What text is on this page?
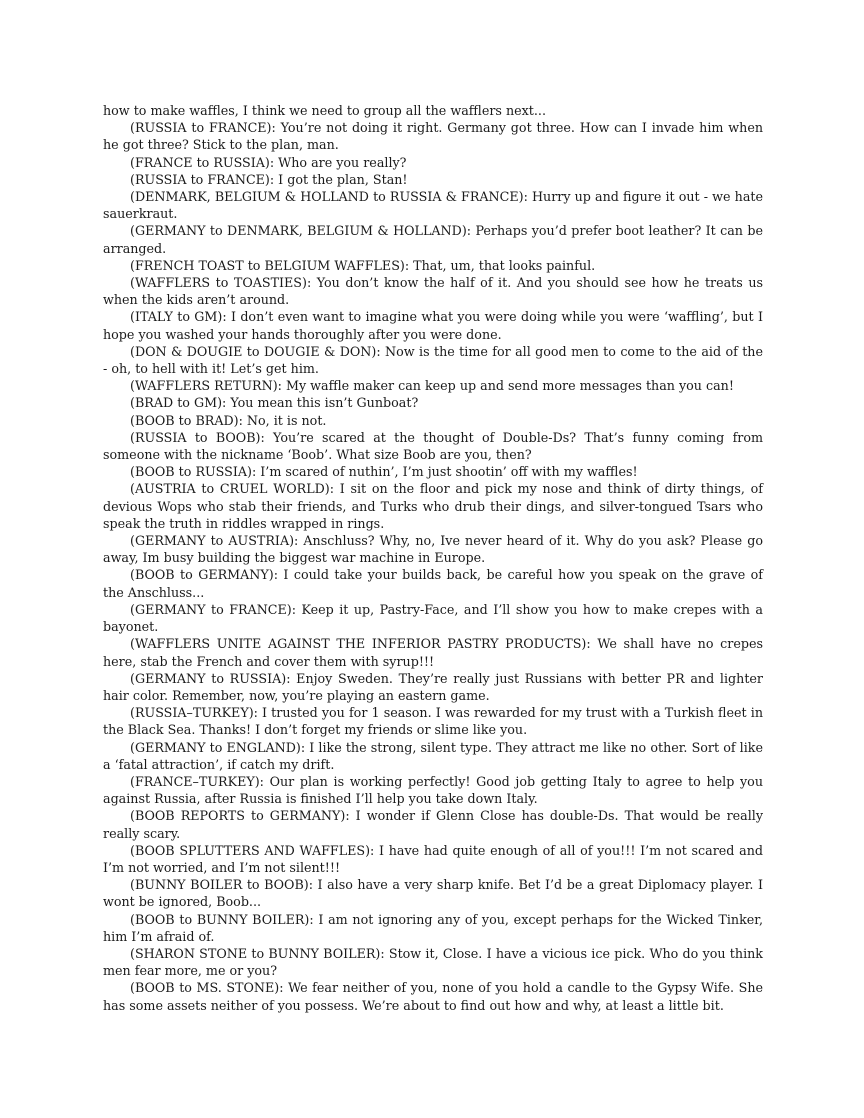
how to make waffles, I think we need to group all the wafflers next...

(RUSSIA to FRANCE): You’re not doing it right. Germany got three. How can I invade him when he got three? Stick to the plan, man.

(FRANCE to RUSSIA): Who are you really?

(RUSSIA to FRANCE): I got the plan, Stan!

(DENMARK, BELGIUM & HOLLAND to RUSSIA & FRANCE): Hurry up and figure it out - we hate sauerkraut.

(GERMANY to DENMARK, BELGIUM & HOLLAND): Perhaps you’d prefer boot leather? It can be arranged.

(FRENCH TOAST to BELGIUM WAFFLES): That, um, that looks painful.

(WAFFLERS to TOASTIES): You don’t know the half of it. And you should see how he treats us when the kids aren’t around.

(ITALY to GM): I don’t even want to imagine what you were doing while you were ‘waffling’, but I hope you washed your hands thoroughly after you were done.

(DON & DOUGIE to DOUGIE & DON): Now is the time for all good men to come to the aid of the - oh, to hell with it! Let’s get him.

(WAFFLERS RETURN): My waffle maker can keep up and send more messages than you can!

(BRAD to GM): You mean this isn’t Gunboat?

(BOOB to BRAD): No, it is not.

(RUSSIA to BOOB): You’re scared at the thought of Double-Ds? That’s funny coming from someone with the nickname ‘Boob’. What size Boob are you, then?

(BOOB to RUSSIA): I’m scared of nuthin’, I’m just shootin’ off with my waffles!

(AUSTRIA to CRUEL WORLD): I sit on the floor and pick my nose and think of dirty things, of devious Wops who stab their friends, and Turks who drub their dings, and silver-tongued Tsars who speak the truth in riddles wrapped in rings.

(GERMANY to AUSTRIA): Anschluss? Why, no, Ive never heard of it. Why do you ask? Please go away, Im busy building the biggest war machine in Europe.

(BOOB to GERMANY): I could take your builds back, be careful how you speak on the grave of the Anschluss...

(GERMANY to FRANCE): Keep it up, Pastry-Face, and I’ll show you how to make crepes with a bayonet.

(WAFFLERS UNITE AGAINST THE INFERIOR PASTRY PRODUCTS): We shall have no crepes here, stab the French and cover them with syrup!!!

(GERMANY to RUSSIA): Enjoy Sweden. They’re really just Russians with better PR and lighter hair color. Remember, now, you’re playing an eastern game.

(RUSSIA–TURKEY): I trusted you for 1 season. I was rewarded for my trust with a Turkish fleet in the Black Sea. Thanks! I don’t forget my friends or slime like you.

(GERMANY to ENGLAND): I like the strong, silent type. They attract me like no other. Sort of like a ‘fatal attraction’, if catch my drift.

(FRANCE–TURKEY): Our plan is working perfectly! Good job getting Italy to agree to help you against Russia, after Russia is finished I’ll help you take down Italy.

(BOOB REPORTS to GERMANY): I wonder if Glenn Close has double-Ds. That would be really really scary.

(BOOB SPLUTTERS AND WAFFLES): I have had quite enough of all of you!!! I’m not scared and I’m not worried, and I’m not silent!!!

(BUNNY BOILER to BOOB): I also have a very sharp knife. Bet I’d be a great Diplomacy player. I wont be ignored, Boob...

(BOOB to BUNNY BOILER): I am not ignoring any of you, except perhaps for the Wicked Tinker, him I’m afraid of.

(SHARON STONE to BUNNY BOILER): Stow it, Close. I have a vicious ice pick. Who do you think men fear more, me or you?

(BOOB to MS. STONE): We fear neither of you, none of you hold a candle to the Gypsy Wife. She has some assets neither of you possess. We’re about to find out how and why, at least a little bit.
